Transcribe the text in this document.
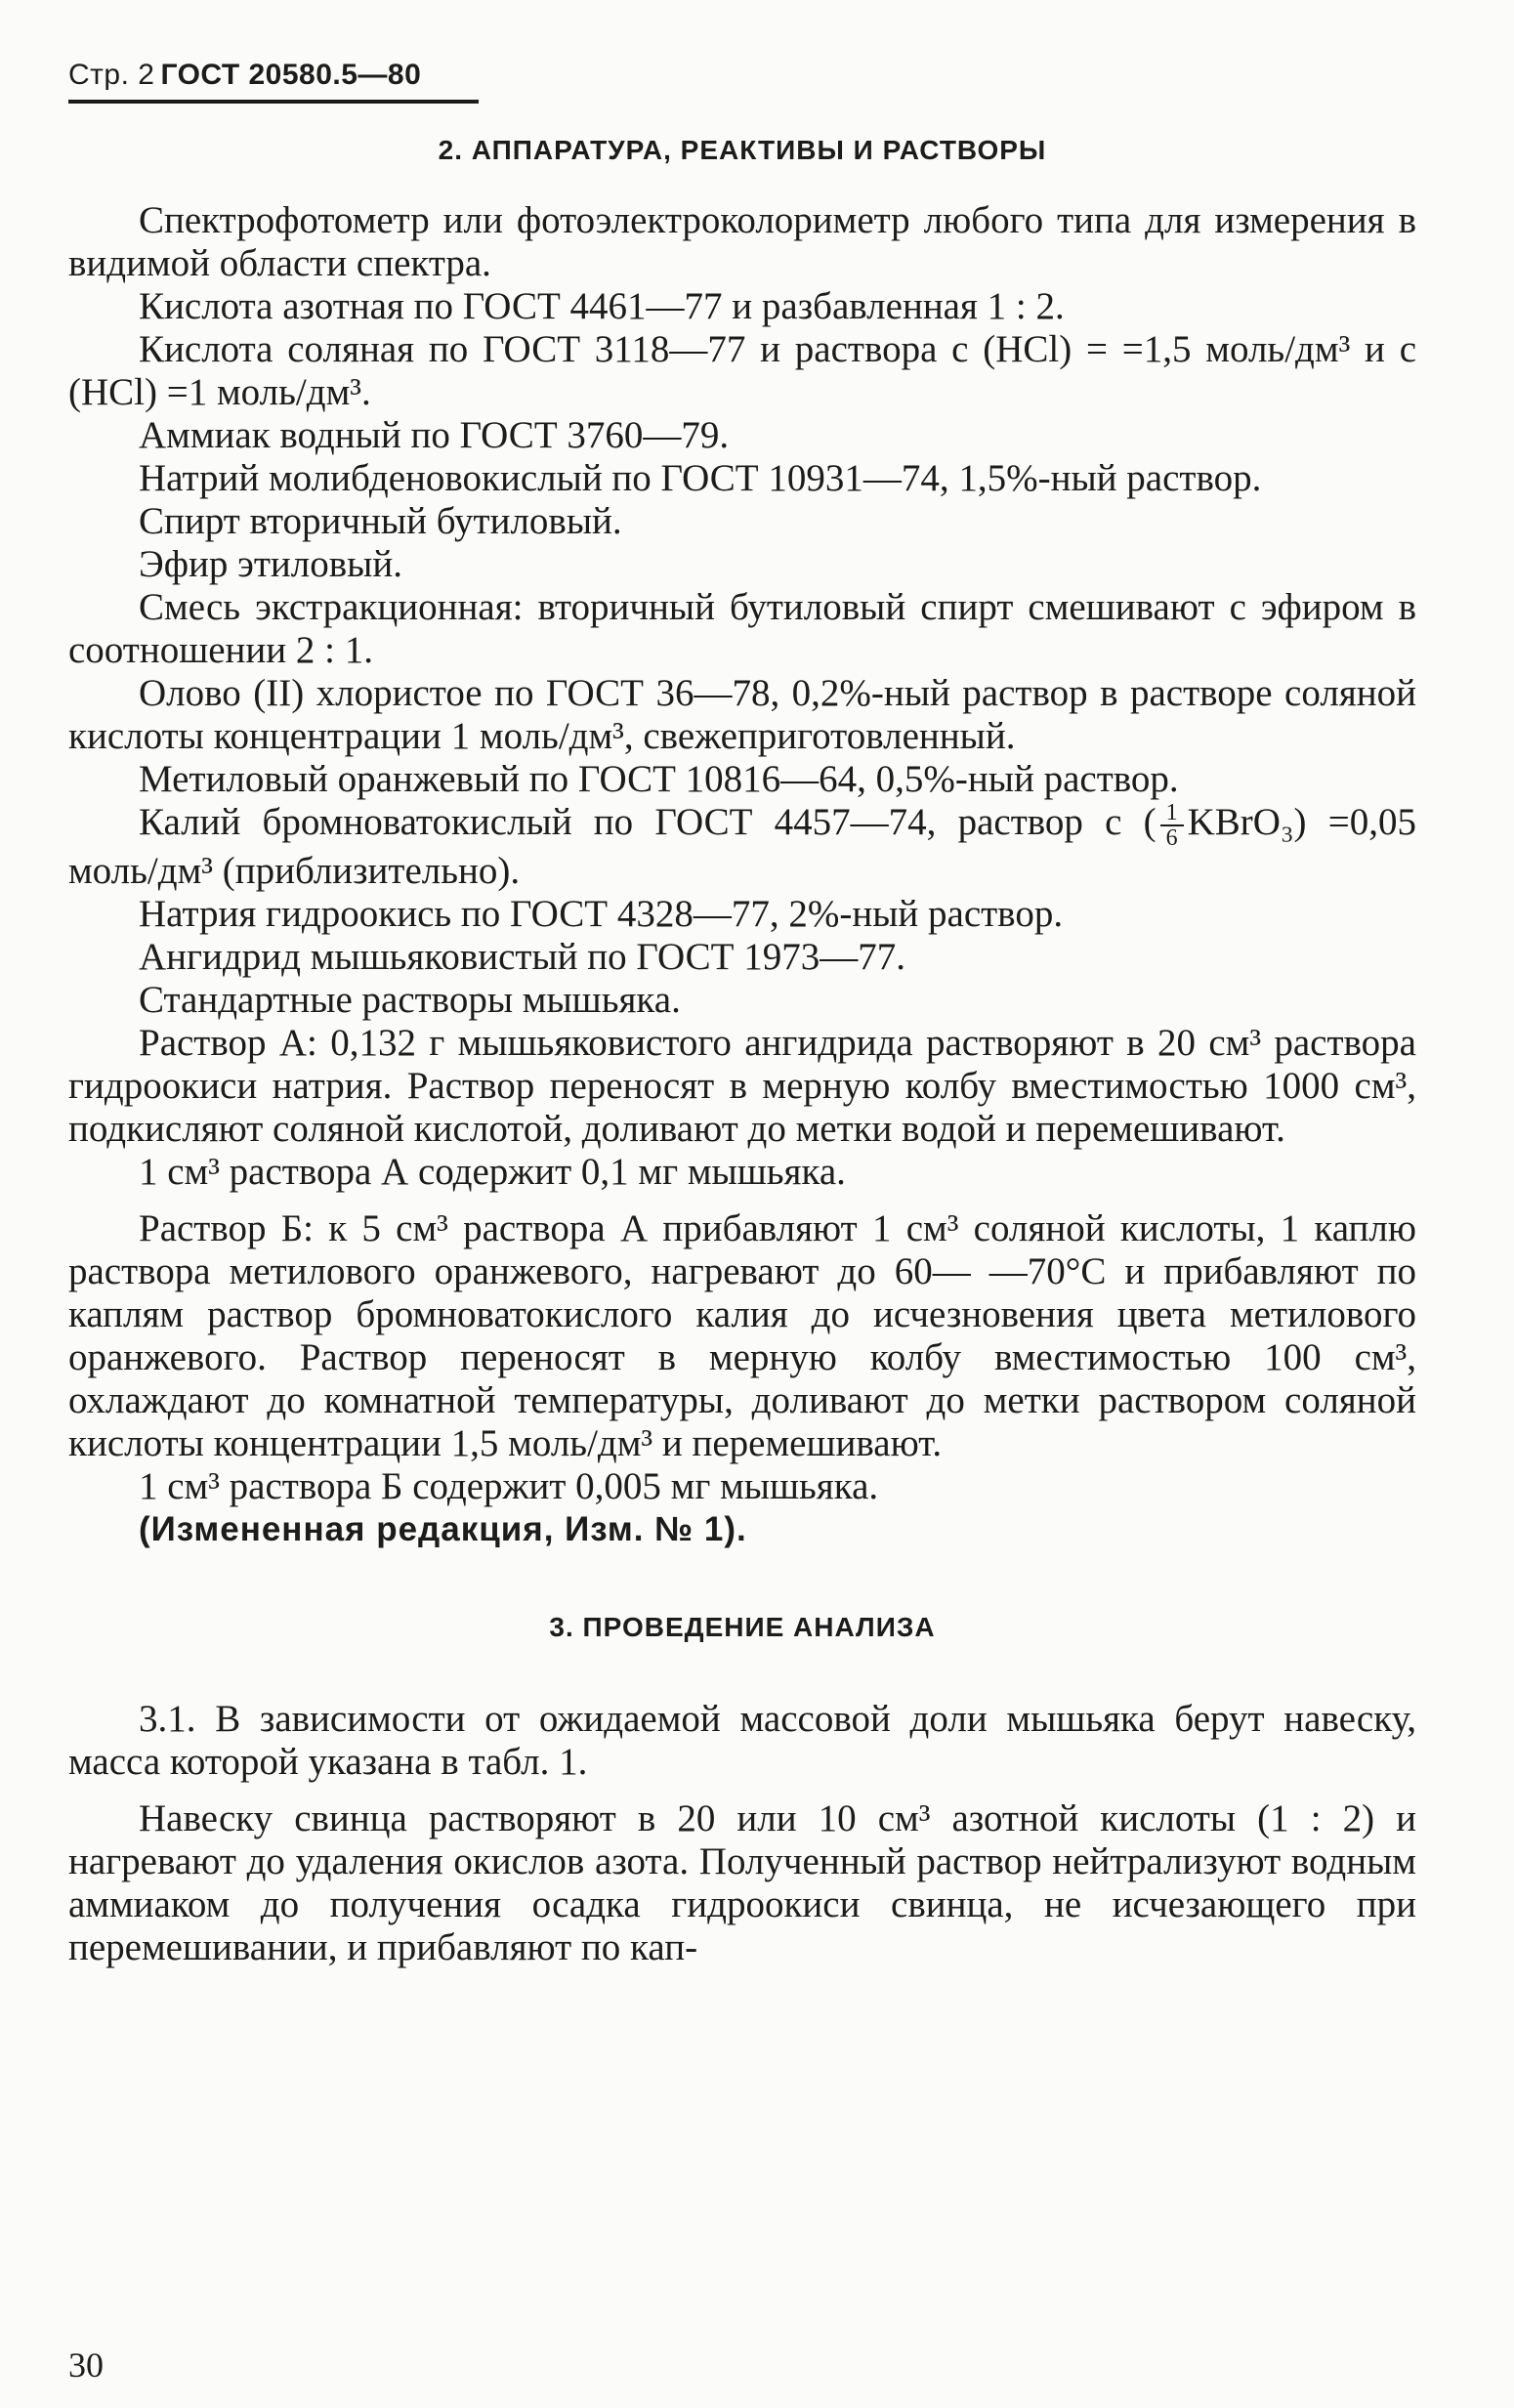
Стр. 2 ГОСТ 20580.5—80
2. АППАРАТУРА, РЕАКТИВЫ И РАСТВОРЫ

Спектрофотометр или фотоэлектроколориметр любого типа для измерения в видимой области спектра.

Кислота азотная по ГОСТ 4461—77 и разбавленная 1 : 2.

Кислота соляная по ГОСТ 3118—77 и раствора с (HCl) = =1,5 моль/дм³ и с (HCl) =1 моль/дм³.

Аммиак водный по ГОСТ 3760—79.

Натрий молибденовокислый по ГОСТ 10931—74, 1,5%-ный раствор.

Спирт вторичный бутиловый.

Эфир этиловый.

Смесь экстракционная: вторичный бутиловый спирт смешивают с эфиром в соотношении 2 : 1.

Олово (II) хлористое по ГОСТ 36—78, 0,2%-ный раствор в растворе соляной кислоты концентрации 1 моль/дм³, свежеприготовленный.

Метиловый оранжевый по ГОСТ 10816—64, 0,5%-ный раствор.

Калий бромноватокислый по ГОСТ 4457—74, раствор с ( $\frac{1}{6}$ KBrO₃) =0,05 моль/дм³ (приблизительно).

Натрия гидроокись по ГОСТ 4328—77, 2%-ный раствор.

Ангидрид мышьяковистый по ГОСТ 1973—77.

Стандартные растворы мышьяка.

Раствор А: 0,132 г мышьяковистого ангидрида растворяют в 20 см³ раствора гидроокиси натрия. Раствор переносят в мерную колбу вместимостью 1000 см³, подкисляют соляной кислотой, доливают до метки водой и перемешивают.

1 см³ раствора А содержит 0,1 мг мышьяка.

Раствор Б: к 5 см³ раствора А прибавляют 1 см³ соляной кислоты, 1 каплю раствора метилового оранжевого, нагревают до 60— —70°С и прибавляют по каплям раствор бромноватокислого калия до исчезновения цвета метилового оранжевого. Раствор переносят в мерную колбу вместимостью 100 см³, охлаждают до комнатной температуры, доливают до метки раствором соляной кислоты концентрации 1,5 моль/дм³ и перемешивают.

1 см³ раствора Б содержит 0,005 мг мышьяка.

(Измененная редакция, Изм. № 1).

3. ПРОВЕДЕНИЕ АНАЛИЗА

3.1. В зависимости от ожидаемой массовой доли мышьяка берут навеску, масса которой указана в табл. 1.

Навеску свинца растворяют в 20 или 10 см³ азотной кислоты (1 : 2) и нагревают до удаления окислов азота. Полученный раствор нейтрализуют водным аммиаком до получения осадка гидроокиси свинца, не исчезающего при перемешивании, и прибавляют по кап-

30
